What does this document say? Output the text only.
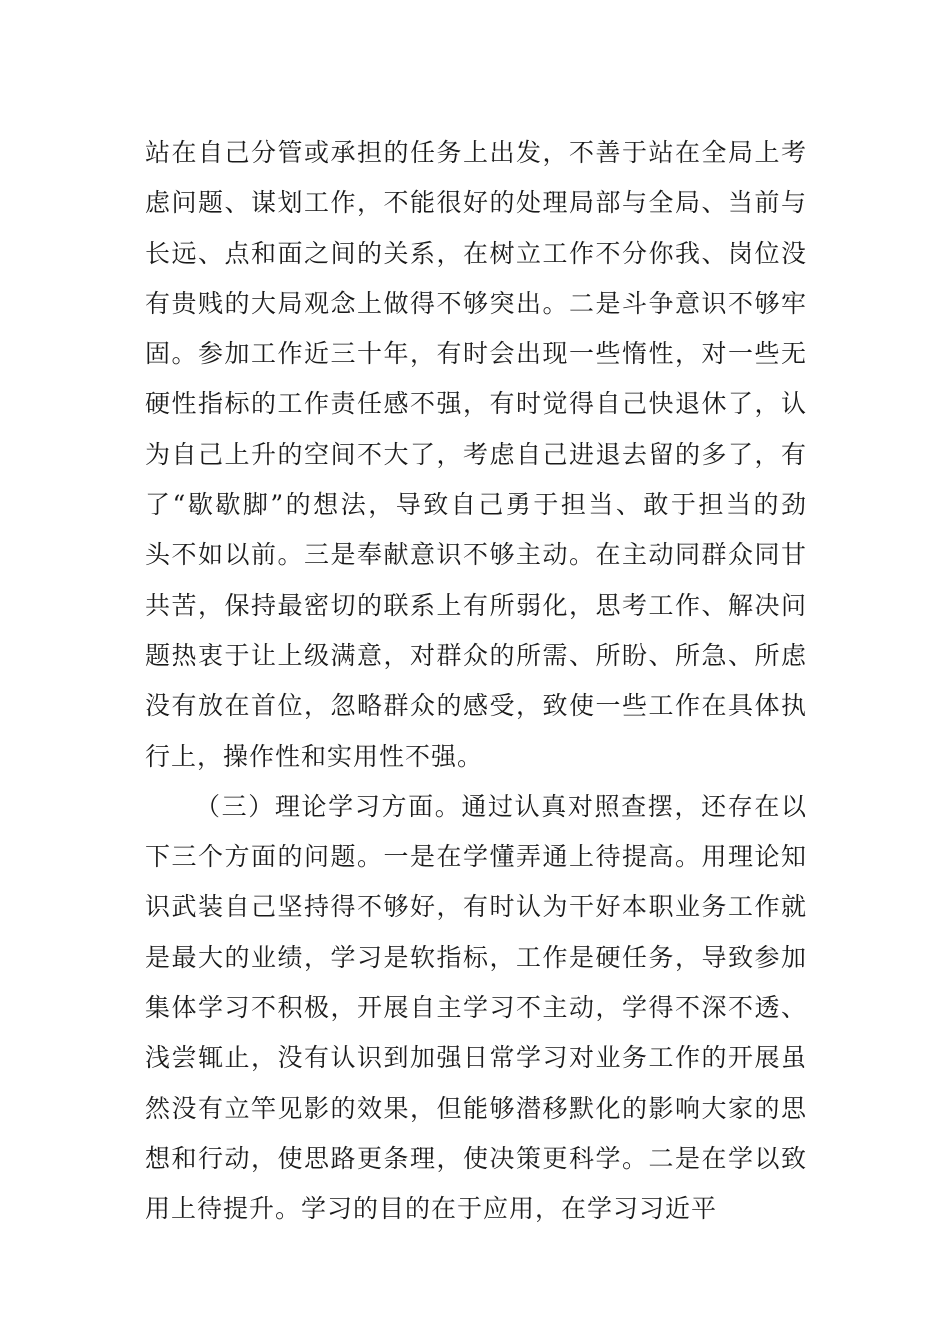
站在自己分管或承担的任务上出发，不善于站在全局上考
虑问题、谋划工作，不能很好的处理局部与全局、当前与
长远、点和面之间的关系，在树立工作不分你我、岗位没
有贵贱的大局观念上做得不够突出。二是斗争意识不够牢
固。参加工作近三十年，有时会出现一些惰性，对一些无
硬性指标的工作责任感不强，有时觉得自己快退休了，认
为自己上升的空间不大了，考虑自己进退去留的多了，有
了“歇歇脚”的想法，导致自己勇于担当、敢于担当的劲
头不如以前。三是奉献意识不够主动。在主动同群众同甘
共苦，保持最密切的联系上有所弱化，思考工作、解决问
题热衷于让上级满意，对群众的所需、所盼、所急、所虑
没有放在首位，忽略群众的感受，致使一些工作在具体执
行上，操作性和实用性不强。
（三）理论学习方面。通过认真对照查摆，还存在以
下三个方面的问题。一是在学懂弄通上待提高。用理论知
识武装自己坚持得不够好，有时认为干好本职业务工作就
是最大的业绩，学习是软指标，工作是硬任务，导致参加
集体学习不积极，开展自主学习不主动，学得不深不透、
浅尝辄止，没有认识到加强日常学习对业务工作的开展虽
然没有立竿见影的效果，但能够潜移默化的影响大家的思
想和行动，使思路更条理，使决策更科学。二是在学以致
用上待提升。学习的目的在于应用，在学习习近平
